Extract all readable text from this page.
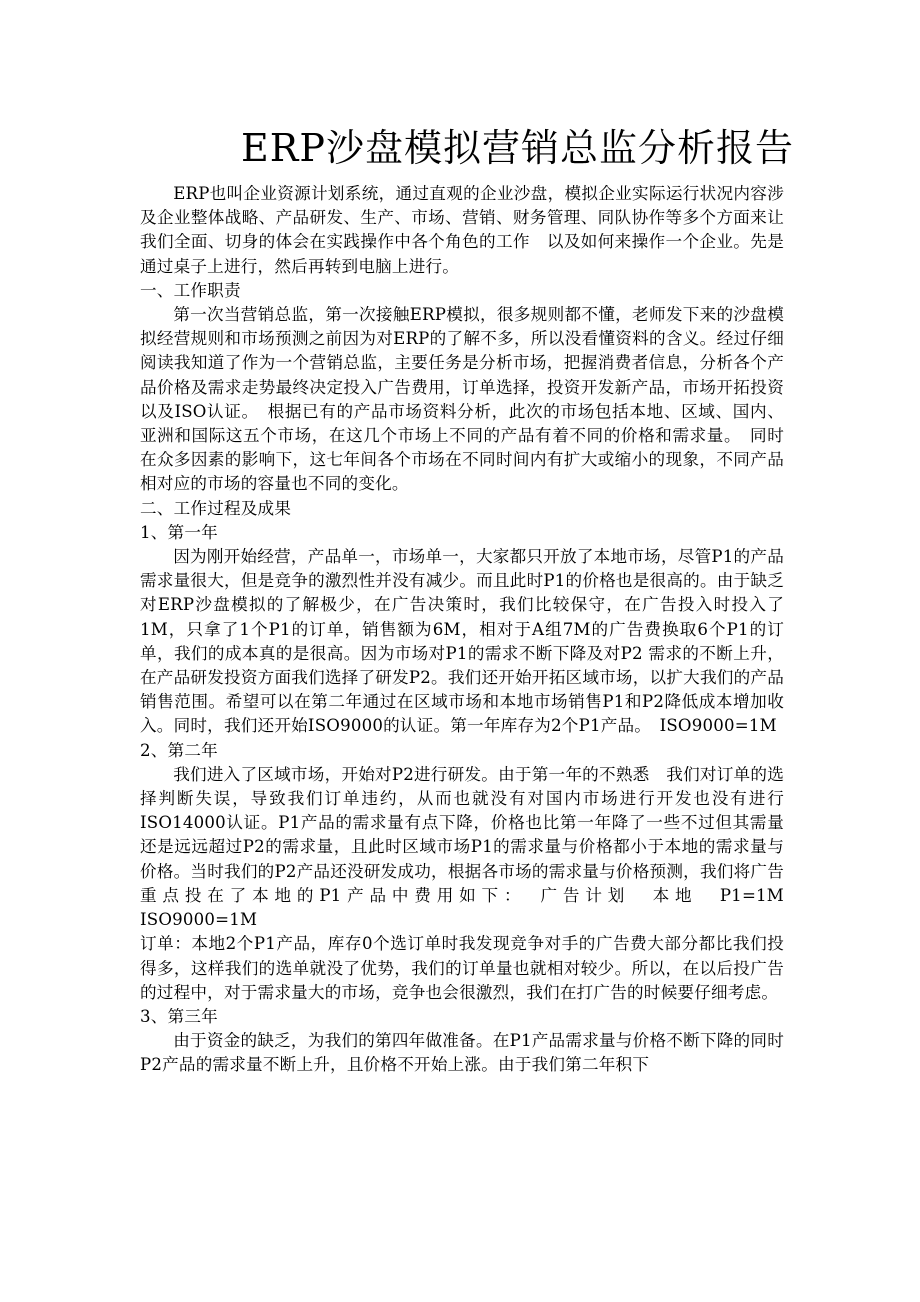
ERP沙盘模拟营销总监分析报告

ERP也叫企业资源计划系统，通过直观的企业沙盘，模拟企业实际运行状况内容涉及企业整体战略、产品研发、生产、市场、营销、财务管理、同队协作等多个方面来让我们全面、切身的体会在实践操作中各个角色的工作　以及如何来操作一个企业。先是通过桌子上进行，然后再转到电脑上进行。

一、工作职责

第一次当营销总监，第一次接触ERP模拟，很多规则都不懂，老师发下来的沙盘模拟经营规则和市场预测之前因为对ERP的了解不多，所以没看懂资料的含义。经过仔细阅读我知道了作为一个营销总监，主要任务是分析市场，把握消费者信息，分析各个产品价格及需求走势最终决定投入广告费用，订单选择，投资开发新产品，市场开拓投资以及ISO认证。　根据已有的产品市场资料分析，此次的市场包括本地、区域、国内、亚洲和国际这五个市场，在这几个市场上不同的产品有着不同的价格和需求量。　同时在众多因素的影响下，这七年间各个市场在不同时间内有扩大或缩小的现象，不同产品相对应的市场的容量也不同的变化。

二、工作过程及成果

1、第一年

因为刚开始经营，产品单一，市场单一，大家都只开放了本地市场，尽管P1的产品需求量很大，但是竞争的激烈性并没有减少。而且此时P1的价格也是很高的。由于缺乏对ERP沙盘模拟的了解极少，在广告决策时，我们比较保守，在广告投入时投入了1M，只拿了1个P1的订单，销售额为6M，相对于A组7M的广告费换取6个P1的订单，我们的成本真的是很高。因为市场对P1的需求不断下降及对P2 需求的不断上升，在产品研发投资方面我们选择了研发P2。我们还开始开拓区域市场，以扩大我们的产品销售范围。希望可以在第二年通过在区域市场和本地市场销售P1和P2降低成本增加收入。同时，我们还开始ISO9000的认证。第一年库存为2个P1产品。　ISO9000=1M

2、第二年

我们进入了区域市场，开始对P2进行研发。由于第一年的不熟悉　我们对订单的选择判断失误，导致我们订单违约，从而也就没有对国内市场进行开发也没有进行ISO14000认证。P1产品的需求量有点下降，价格也比第一年降了一些不过但其需量还是远远超过P2的需求量，且此时区域市场P1的需求量与价格都小于本地的需求量与价格。当时我们的P2产品还没研发成功，根据各市场的需求量与价格预测，我们将广告重点投在了本地的P1产品中费用如下：　广告计划　本地　P1=1M　　ISO9000=1M

订单：本地2个P1产品，库存0个选订单时我发现竞争对手的广告费大部分都比我们投得多，这样我们的选单就没了优势，我们的订单量也就相对较少。所以，在以后投广告的过程中，对于需求量大的市场，竞争也会很激烈，我们在打广告的时候要仔细考虑。

3、第三年

由于资金的缺乏，为我们的第四年做准备。在P1产品需求量与价格不断下降的同时P2产品的需求量不断上升，且价格不开始上涨。由于我们第二年积下
